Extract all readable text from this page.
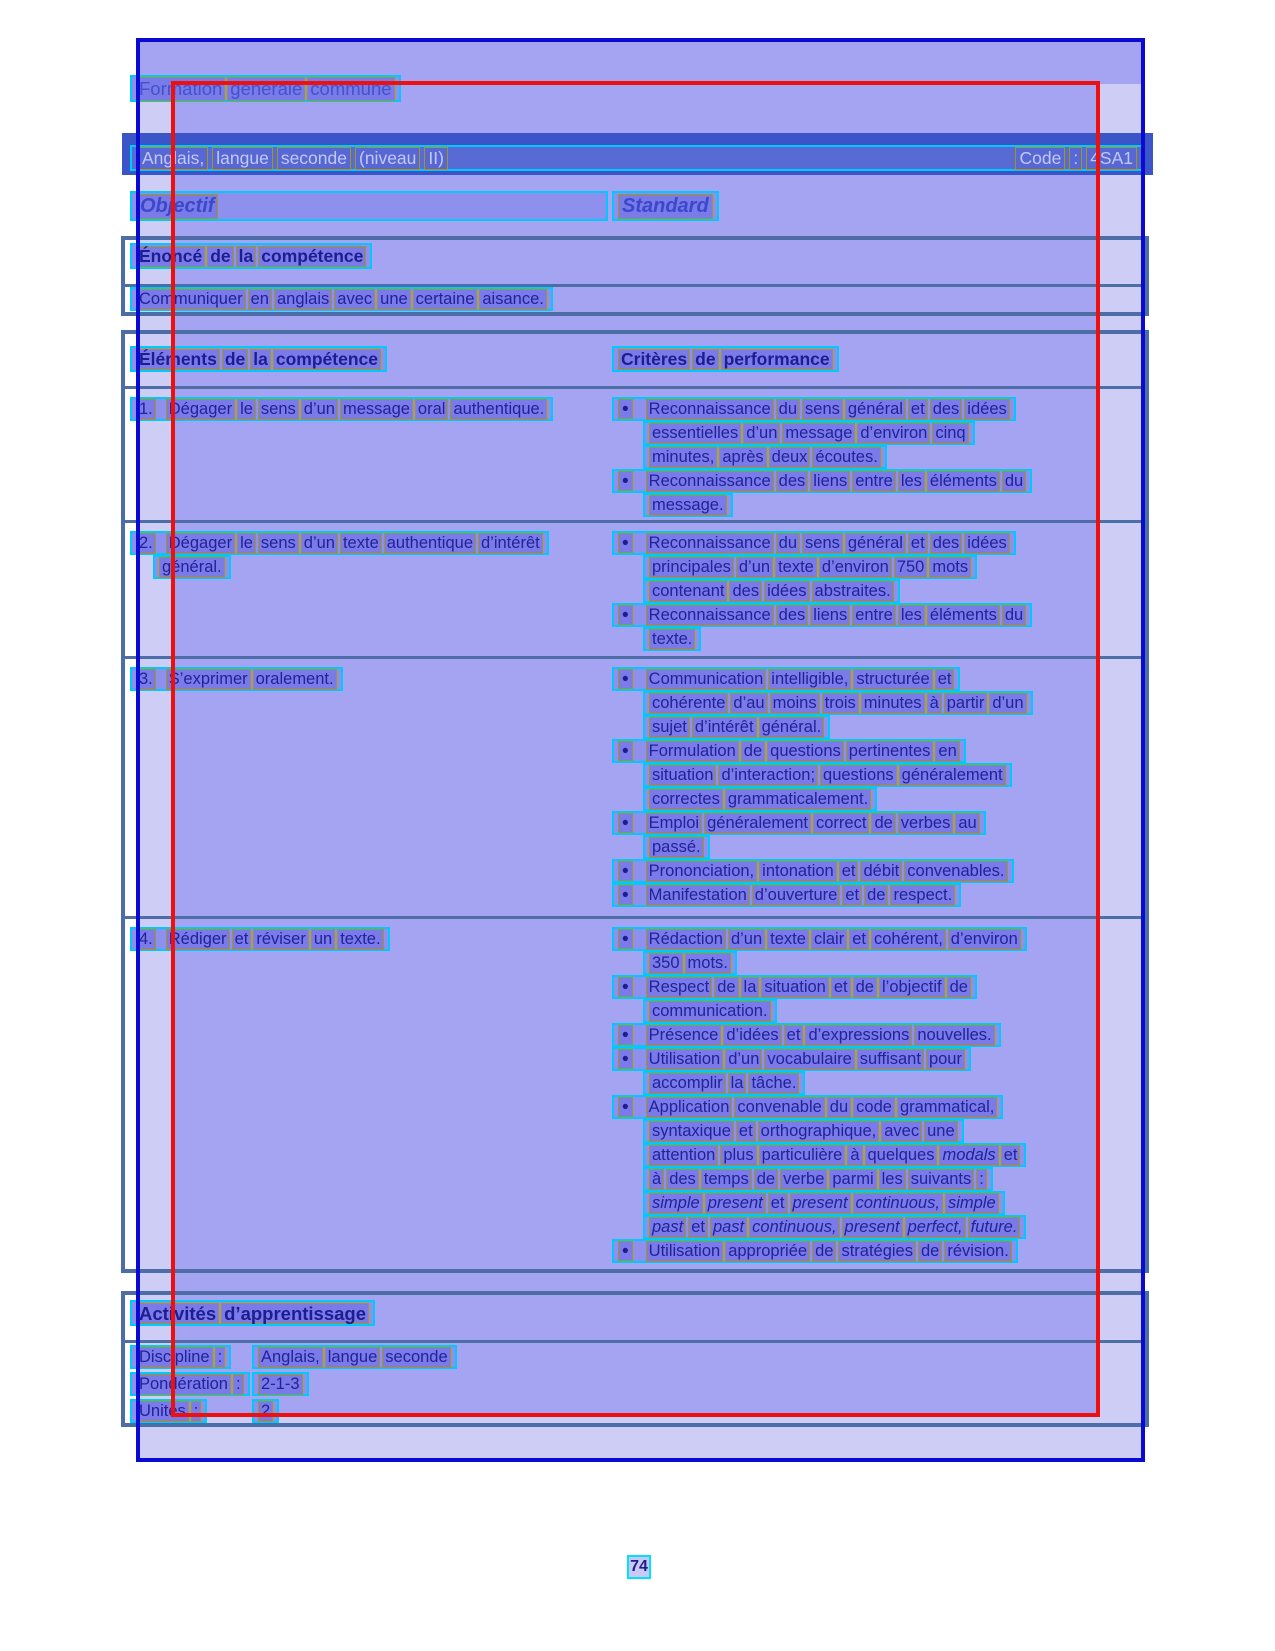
Formation générale commune
Anglais, langue seconde (niveau II)	Code : 4SA1
Objectif	Standard
Énoncé de la compétence
Communiquer en anglais avec une certaine aisance.
Éléments de la compétence	Critères de performance
1. Dégager le sens d’un message oral authentique.	• Reconnaissance du sens général et des idées
essentielles d’un message d’environ cinq
minutes, après deux écoutes.
• Reconnaissance des liens entre les éléments du
message.
2. Dégager le sens d’un texte authentique d’intérêt
général.
• Reconnaissance du sens général et des idées
principales d’un texte d’environ 750 mots
contenant des idées abstraites.
• Reconnaissance des liens entre les éléments du
texte.
3. S’exprimer oralement.	• Communication intelligible, structurée et
cohérente d’au moins trois minutes à partir d’un
sujet d’intérêt général.
• Formulation de questions pertinentes en
situation d’interaction; questions généralement
correctes grammaticalement.
• Emploi généralement correct de verbes au
passé.
• Prononciation, intonation et débit convenables.
• Manifestation d’ouverture et de respect.
4. Rédiger et réviser un texte.	• Rédaction d’un texte clair et cohérent, d’environ
350 mots.
• Respect de la situation et de l’objectif de
communication.
• Présence d’idées et d’expressions nouvelles.
• Utilisation d’un vocabulaire suffisant pour
accomplir la tâche.
• Application convenable du code grammatical,
syntaxique et orthographique, avec une
attention plus particulière à quelques modals et
à des temps de verbe parmi les suivants :
simple present et present continuous, simple
past et past continuous, present perfect, future.
• Utilisation appropriée de stratégies de révision.
Activités d’apprentissage
Discipline : Anglais, langue seconde
Pondération : 2-1-3
Unités :	2
74
